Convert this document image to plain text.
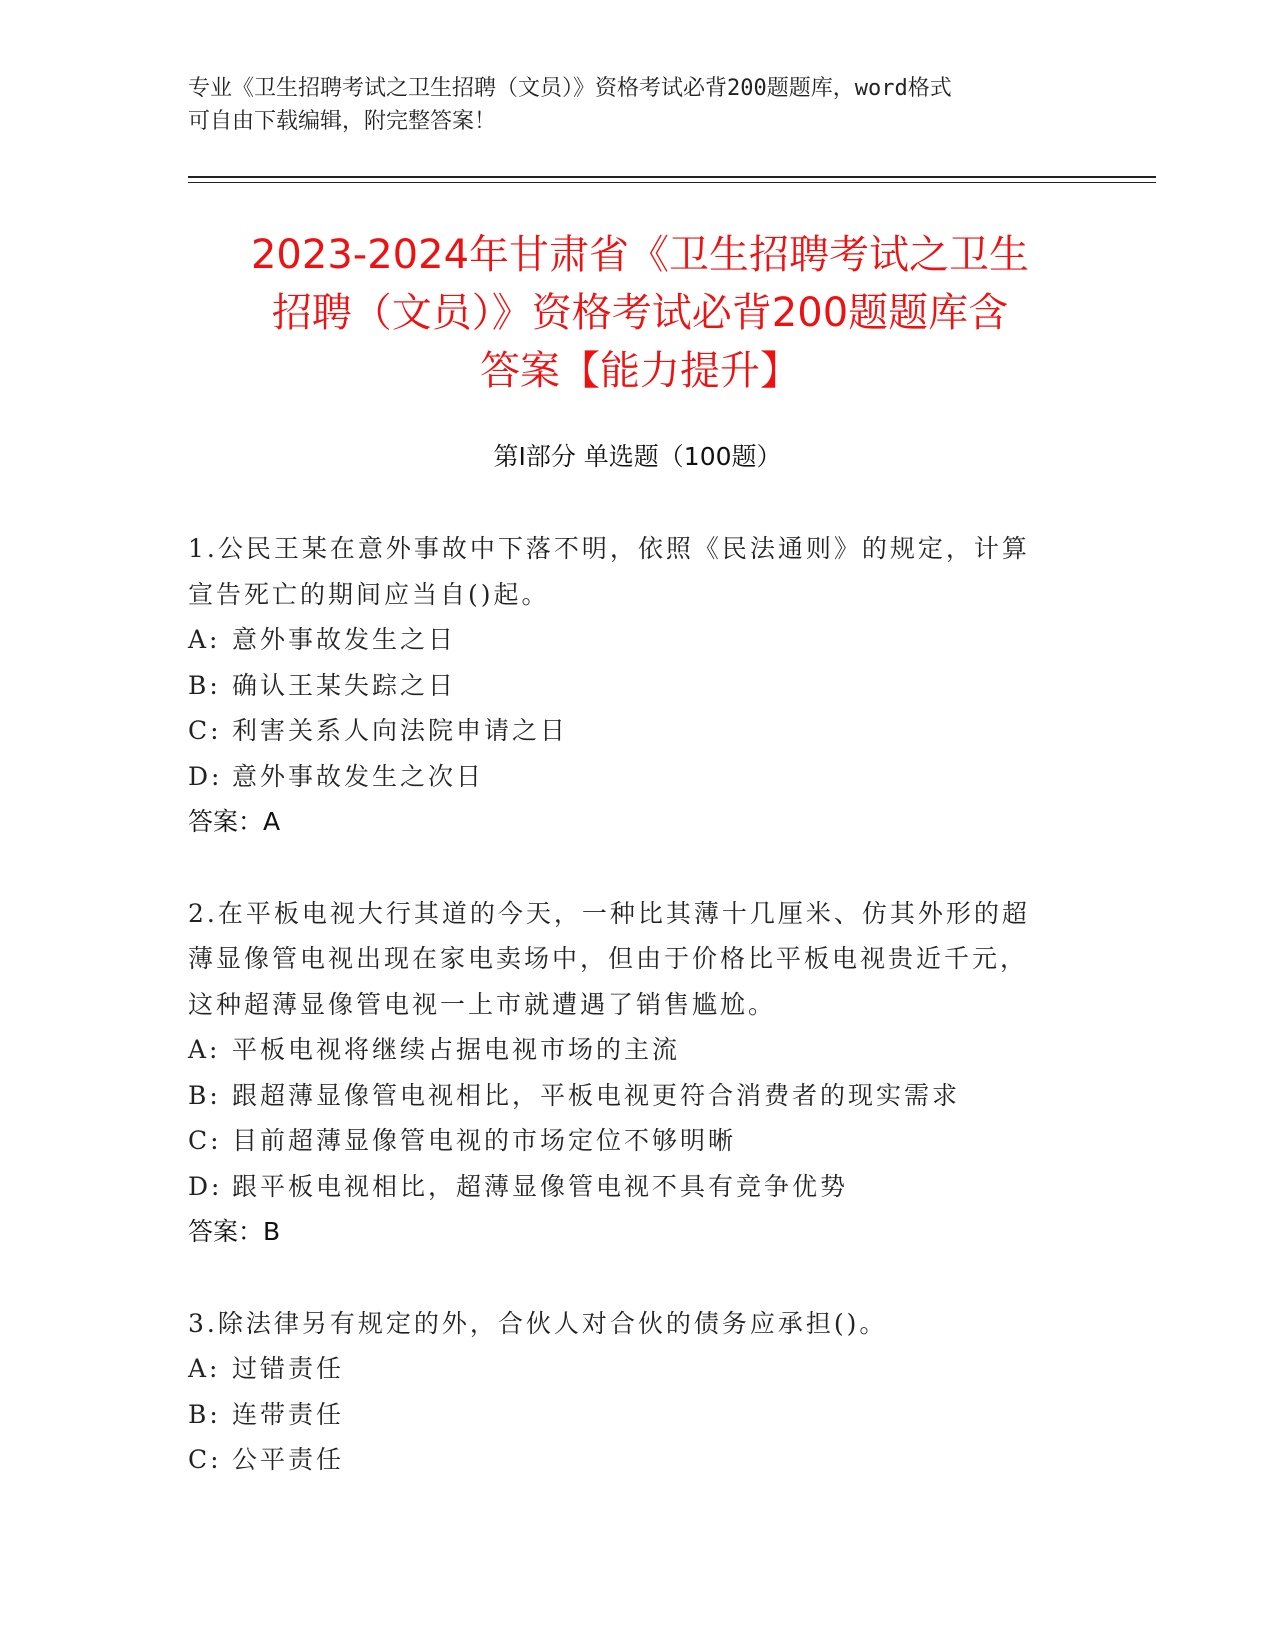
专业《卫生招聘考试之卫生招聘（文员）》资格考试必背200题题库，word格式
可自由下载编辑，附完整答案！
2023-2024年甘肃省《卫生招聘考试之卫生
招聘（文员）》资格考试必背200题题库含
答案【能力提升】
第Ⅰ部分 单选题（100题）
1.公民王某在意外事故中下落不明，依照《民法通则》的规定，计算
宣告死亡的期间应当自()起。
A: 意外事故发生之日
B: 确认王某失踪之日
C: 利害关系人向法院申请之日
D: 意外事故发生之次日
答案：A
2.在平板电视大行其道的今天，一种比其薄十几厘米、仿其外形的超
薄显像管电视出现在家电卖场中，但由于价格比平板电视贵近千元，
这种超薄显像管电视一上市就遭遇了销售尴尬。
A: 平板电视将继续占据电视市场的主流
B: 跟超薄显像管电视相比，平板电视更符合消费者的现实需求
C: 目前超薄显像管电视的市场定位不够明晰
D: 跟平板电视相比，超薄显像管电视不具有竞争优势
答案：B
3.除法律另有规定的外，合伙人对合伙的债务应承担()。
A: 过错责任
B: 连带责任
C: 公平责任
